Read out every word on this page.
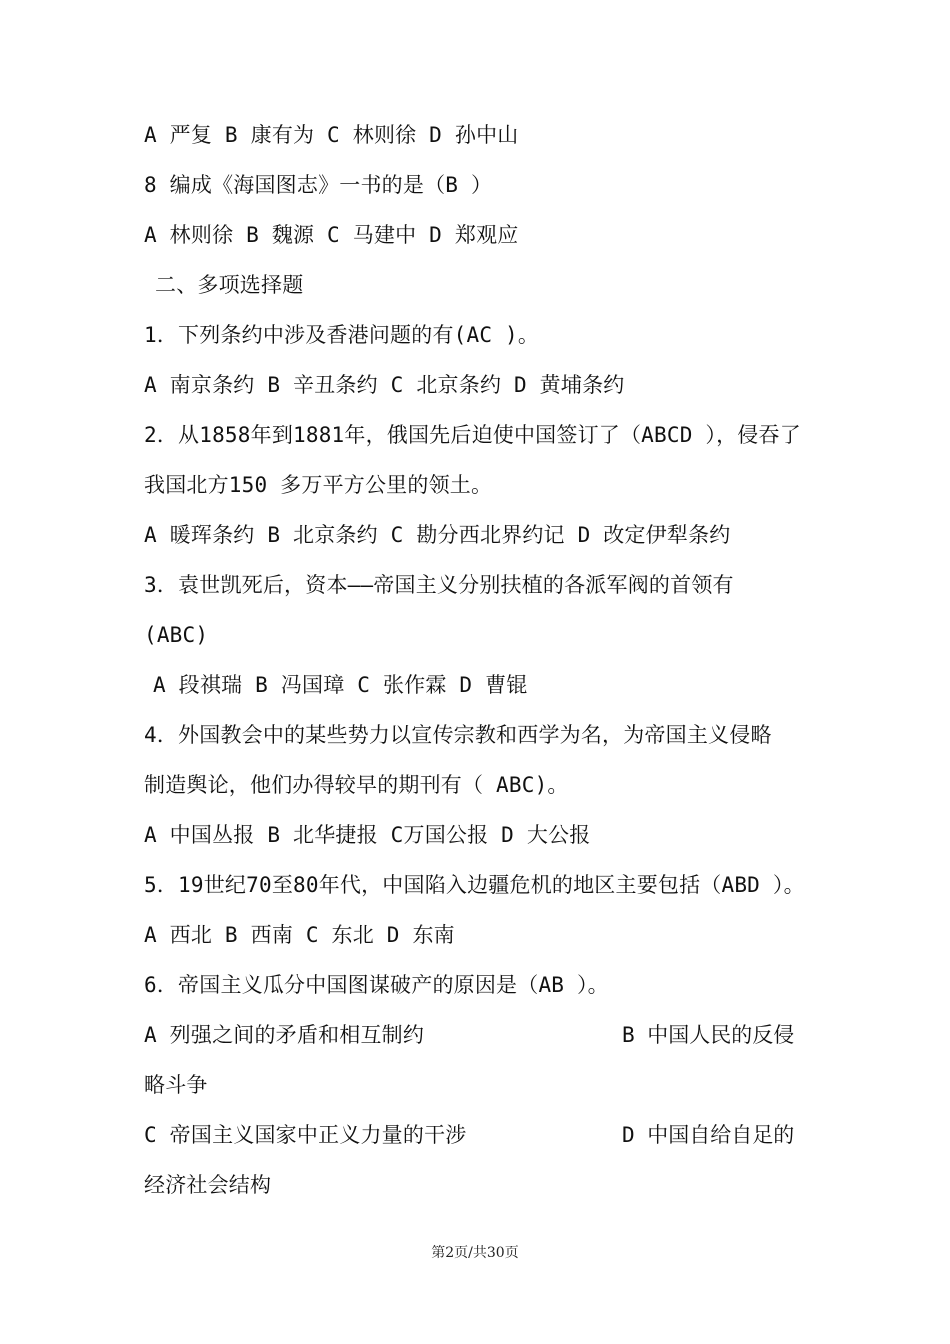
A 严复 B 康有为 C 林则徐 D 孙中山
8 编成《海国图志》一书的是（B ）
A 林则徐 B 魏源 C 马建中 D 郑观应
二、多项选择题
1．下列条约中涉及香港问题的有(AC )。
A 南京条约 B 辛丑条约 C 北京条约 D 黄埔条约
2．从1858年到1881年，俄国先后迫使中国签订了（ABCD ），侵吞了
我国北方150 多万平方公里的领土。
A 暖珲条约 B 北京条约 C 勘分西北界约记 D 改定伊犁条约
3．袁世凯死后，资本——帝国主义分别扶植的各派军阀的首领有
(ABC)
A 段祺瑞 B 冯国璋 C 张作霖 D 曹锟
4．外国教会中的某些势力以宣传宗教和西学为名，为帝国主义侵略
制造舆论，他们办得较早的期刊有（ ABC)。
A 中国丛报 B 北华捷报 C万国公报 D 大公报
5．19世纪70至80年代，中国陷入边疆危机的地区主要包括（ABD ）。
A 西北 B 西南 C 东北 D 东南
6．帝国主义瓜分中国图谋破产的原因是（AB ）。
A 列强之间的矛盾和相互制约	B 中国人民的反侵
略斗争
C 帝国主义国家中正义力量的干涉	D 中国自给自足的
经济社会结构
第2页/共30页
